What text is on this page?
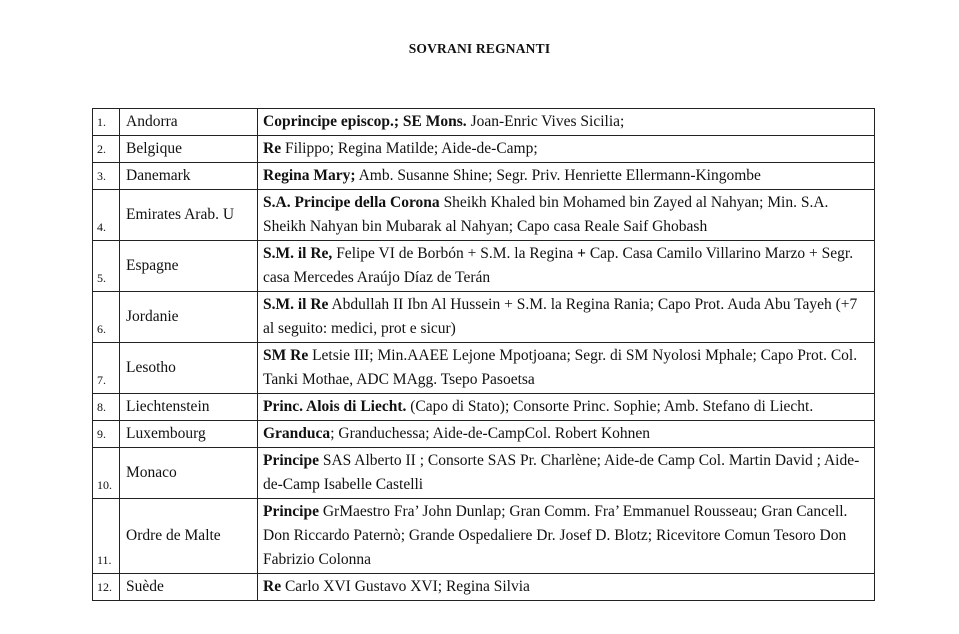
SOVRANI REGNANTI
1.	Andorra	Coprincipe episcop.; SE Mons. Joan-Enric Vives Sicilia;
2.	Belgique	Re Filippo; Regina Matilde; Aide-de-Camp;
3.	Danemark	Regina Mary; Amb. Susanne Shine; Segr. Priv. Henriette Ellermann-Kingombe
4.	Emirates Arab. U	S.A. Principe della Corona Sheikh Khaled bin Mohamed bin Zayed al Nahyan; Min. S.A. Sheikh Nahyan bin Mubarak al Nahyan; Capo casa Reale Saif Ghobash
5.	Espagne	S.M. il Re, Felipe VI de Borbón + S.M. la Regina + Cap. Casa Camilo Villarino Marzo + Segr. casa Mercedes Araújo Díaz de Terán
6.	Jordanie	S.M. il Re Abdullah II Ibn Al Hussein + S.M. la Regina Rania; Capo Prot. Auda Abu Tayeh (+7 al seguito: medici, prot e sicur)
7.	Lesotho	SM Re Letsie III; Min.AAEE Lejone Mpotjoana; Segr. di SM Nyolosi Mphale; Capo Prot. Col. Tanki Mothae, ADC MAgg. Tsepo Pasoetsa
8.	Liechtenstein	Princ. Alois di Liecht. (Capo di Stato); Consorte Princ. Sophie; Amb. Stefano di Liecht.
9.	Luxembourg	Granduca; Granduchessa; Aide-de-CampCol. Robert Kohnen
10.	Monaco	Principe SAS Alberto II ; Consorte SAS Pr. Charlène; Aide-de Camp Col. Martin David ; Aide-de-Camp Isabelle Castelli
11.	Ordre de Malte	Principe GrMaestro Fra’ John Dunlap; Gran Comm. Fra’ Emmanuel Rousseau; Gran Cancell. Don Riccardo Paternò; Grande Ospedaliere Dr. Josef D. Blotz; Ricevitore Comun Tesoro Don Fabrizio Colonna
12.	Suède	Re Carlo XVI Gustavo XVI; Regina Silvia
